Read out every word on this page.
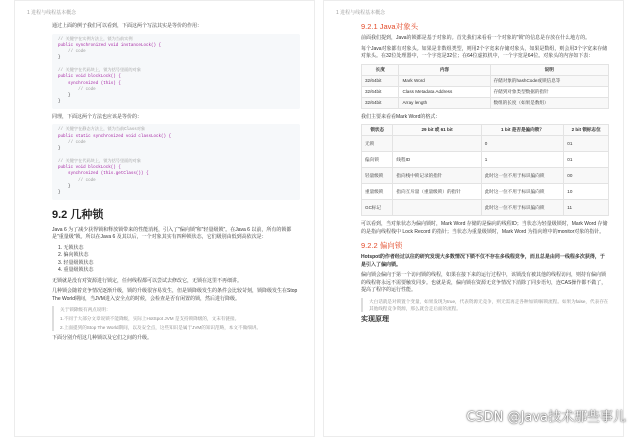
1 进程与线程基本概念

通过上面的例子我们可以看到，下面这两个写法其实是等价的作用：

// 关键字在实例方法上，锁为当前实例
public synchronized void instanceLock() {
// code
}

// 关键字在代码块上，锁为括号里面的对象
public void blockLock() {
synchronized (this) {
// code
}
}

同理，下面这两个方法也应该是等价的：

// 关键字在静态方法上，锁为当前Class对象
public static synchronized void classLock() {
// code
}

// 关键字在代码块上，锁为括号里面的对象
public void blockLock() {
synchronized (this.getClass()) {
// code
}
}
9.2 几种锁

Java 6 为了减少获得锁和释放锁带来的性能消耗，引入了"偏向锁"和"轻量级锁"。在Java 6 以前，所有的锁都是"重量级"锁。所以在Java 6 及其以后，一个对象其实有四种锁状态，它们级别由低到高依次是：

1. 无锁状态
2. 偏向锁状态
3. 轻量级锁状态
4. 重量级锁状态

无锁就是没有对资源进行锁定，任何线程都可以尝试去修改它，无锁在这里不再细讲。

几种锁会随着竞争情况逐渐升级，锁的升级很容易发生，但是锁降级发生的条件会比较苛刻，锁降级发生在Stop The World期间，当JVM进入安全点的时候，会检查是否有闲置的锁，然后进行降级。

关于锁降级有两点说明：

1.不同于大部分文章说锁不能降级，实际上HotSpot JVM 是支持锁降级的，文末有链接。

2.上面提到的Stop The World期间，以及安全点，这些知识是属于JVM的知识范畴，本文不做细讲。

下面分别介绍这几种锁以及它们之间的升级。

1 进程与线程基本概念
9.2.1 Java对象头

前面我们提到，Java的锁都是基于对象的。首先我们来看看一个对象的"锁"的信息是存放在什么地方的。

每个Java对象都有对象头。如果是非数组类型，则用2个字宽来存储对象头，如果是数组，则会用3个字宽来存储对象头。在32位处理器中，一个字宽是32位；在64位虚拟机中，一个字宽是64位。对象头的内容如下表：

长度	内容	说明
32/64bit	Mark Word	存储对象的hashCode或锁信息等
32/64bit	Class Metadata Address	存储到对象类型数据的指针
32/64bit	Array length	数组的长度（如果是数组）

我们主要来看看Mark Word的格式：

锁状态	29 bit 或 61 bit	1 bit 是否是偏向锁？	2 bit 锁标志位
无锁		0	01
偏向锁	线程ID	1	01
轻量级锁	指向栈中锁记录的指针	此时这一位不用于标识偏向锁	00
重量级锁	指向互斥量（重量级锁）的指针	此时这一位不用于标识偏向锁	10
GC标记		此时这一位不用于标识偏向锁	11

可以看到，当对象状态为偏向锁时，Mark Word 存储的是偏向的线程ID；当状态为轻量级锁时，Mark Word 存储的是指向线程栈中 Lock Record 的指针；当状态为重量级锁时，Mark Word 为指向堆中的monitor对象的指针。

9.2.2 偏向锁

Hotspot的作者经过以往的研究发现大多数情况下锁不仅不存在多线程竞争，而且总是由同一线程多次获得，于是引入了偏向锁。

偏向锁会偏向于第一个访问锁的线程，如果在接下来的运行过程中，该锁没有被其他的线程访问，则持有偏向锁的线程将永远不需要触发同步。也就是说，偏向锁在资源无竞争情况下消除了同步语句，连CAS操作都不做了，提高了程序的运行性能。

大白话就是对锁置个变量，如果发现为true，代表资源无竞争，则无需再走各种加锁/解锁流程。如果为false，代表存在其他线程竞争资源，那么就会走后面的流程。

实现原理
CSDN @Java技术那些事儿
